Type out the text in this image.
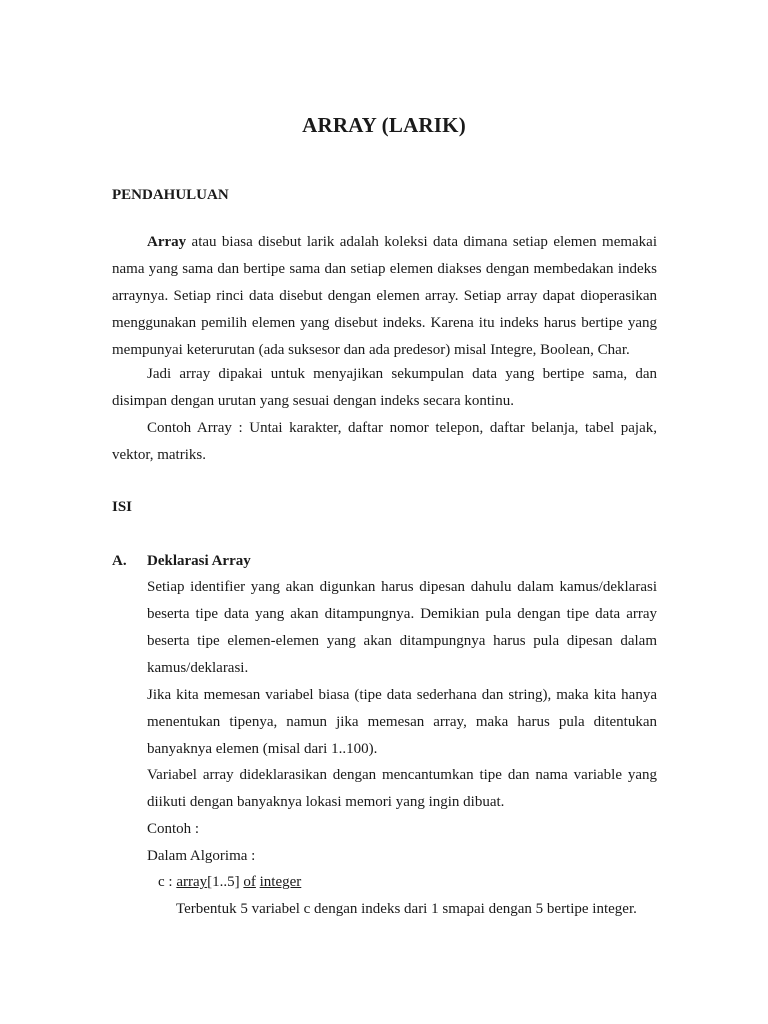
ARRAY (LARIK)
PENDAHULUAN
Array atau biasa disebut larik adalah koleksi data dimana setiap elemen memakai nama yang sama dan bertipe sama dan setiap elemen diakses dengan membedakan indeks arraynya. Setiap rinci data disebut dengan elemen array. Setiap array dapat dioperasikan menggunakan pemilih elemen yang disebut indeks. Karena itu indeks harus bertipe yang mempunyai keterurutan (ada suksesor dan ada predesor) misal Integre, Boolean, Char.
Jadi array dipakai untuk menyajikan sekumpulan data yang bertipe sama, dan disimpan dengan urutan yang sesuai dengan indeks secara kontinu.
Contoh Array : Untai karakter, daftar nomor telepon, daftar belanja, tabel pajak, vektor, matriks.
ISI
A. Deklarasi Array
Setiap identifier yang akan digunkan harus dipesan dahulu dalam kamus/deklarasi beserta tipe data yang akan ditampungnya. Demikian pula dengan tipe data array beserta tipe elemen-elemen yang akan ditampungnya harus pula dipesan dalam kamus/deklarasi.
Jika kita memesan variabel biasa (tipe data sederhana dan string), maka kita hanya menentukan tipenya, namun jika memesan array, maka harus pula ditentukan banyaknya elemen (misal dari 1..100).
Variabel array dideklarasikan dengan mencantumkan tipe dan nama variable yang diikuti dengan banyaknya lokasi memori yang ingin dibuat.
Contoh :
Dalam Algorima :
c : array[1..5] of integer
Terbentuk 5 variabel c dengan indeks dari 1 smapai dengan 5 bertipe integer.
